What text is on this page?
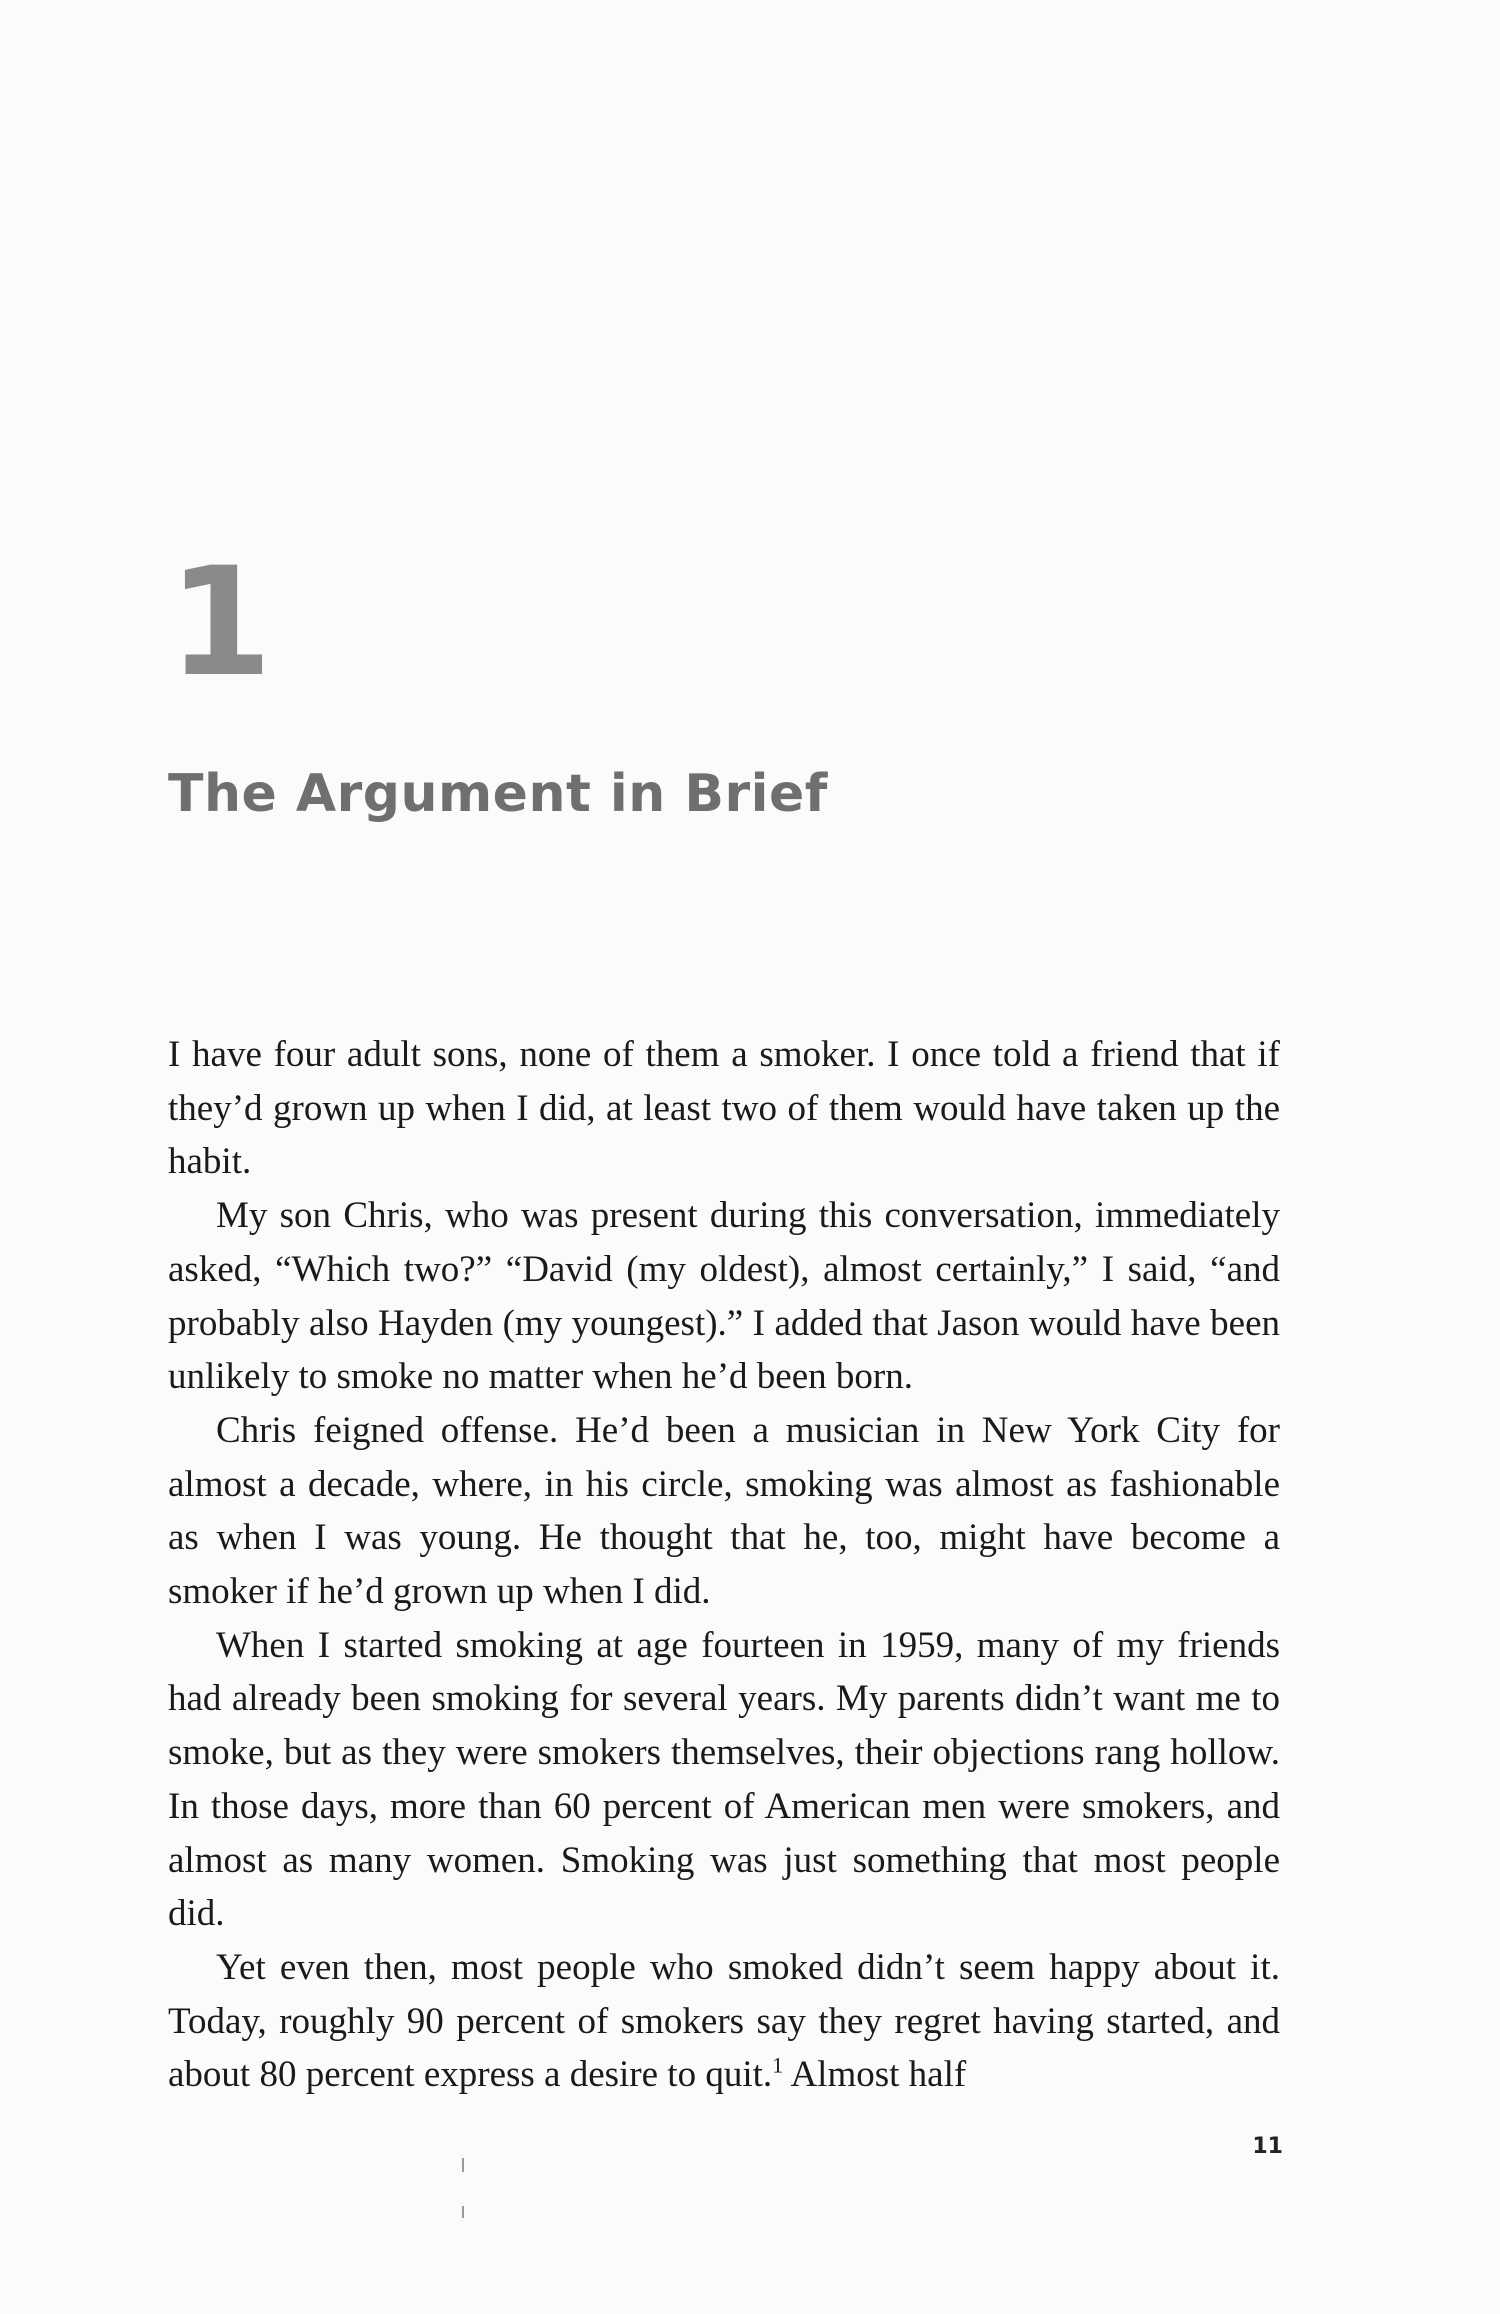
1
The Argument in Brief

I have four adult sons, none of them a smoker. I once told a friend that if they’d grown up when I did, at least two of them would have taken up the habit.

My son Chris, who was present during this conversation, immediately asked, “Which two?” “David (my oldest), almost certainly,” I said, “and probably also Hayden (my youngest).” I added that Jason would have been unlikely to smoke no matter when he’d been born.

Chris feigned offense. He’d been a musician in New York City for almost a decade, where, in his circle, smoking was almost as fashionable as when I was young. He thought that he, too, might have become a smoker if he’d grown up when I did.

When I started smoking at age fourteen in 1959, many of my friends had already been smoking for several years. My parents didn’t want me to smoke, but as they were smokers themselves, their objections rang hollow. In those days, more than 60 percent of American men were smokers, and almost as many women. Smoking was just something that most people did.

Yet even then, most people who smoked didn’t seem happy about it. Today, roughly 90 percent of smokers say they regret having started, and about 80 percent express a desire to quit.$^1$ Almost half

11
